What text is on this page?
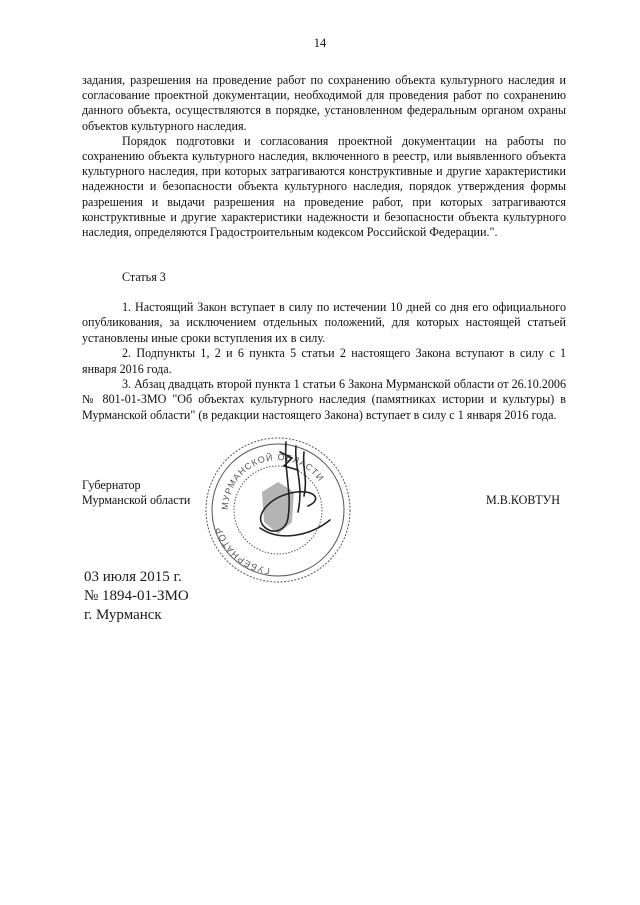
14

задания, разрешения на проведение работ по сохранению объекта культурного наследия и согласование проектной документации, необходимой для проведения работ по сохранению данного объекта, осуществляются в порядке, установленном федеральным органом охраны объектов культурного наследия.

Порядок подготовки и согласования проектной документации на работы по сохранению объекта культурного наследия, включенного в реестр, или выявленного объекта культурного наследия, при которых затрагиваются конструктивные и другие характеристики надежности и безопасности объекта культурного наследия, порядок утверждения формы разрешения и выдачи разрешения на проведение работ, при которых затрагиваются конструктивные и другие характеристики надежности и безопасности объекта культурного наследия, определяются Градостроительным кодексом Российской Федерации.".

Статья 3

1. Настоящий Закон вступает в силу по истечении 10 дней со дня его официального опубликования, за исключением отдельных положений, для которых настоящей статьей установлены иные сроки вступления их в силу.

2. Подпункты 1, 2 и 6 пункта 5 статьи 2 настоящего Закона вступают в силу с 1 января 2016 года.

3. Абзац двадцать второй пункта 1 статьи 6 Закона Мурманской области от 26.10.2006 № 801-01-ЗМО "Об объектах культурного наследия (памятниках истории и культуры) в Мурманской области" (в редакции настоящего Закона) вступает в силу с 1 января 2016 года.

Губернатор
Мурманской области	М.В.КОВТУН
МУРМАНСКОЙ ОБЛАСТИ
ГУБЕРНАТОР
03 июля 2015 г.
№ 1894-01-ЗМО
г. Мурманск
